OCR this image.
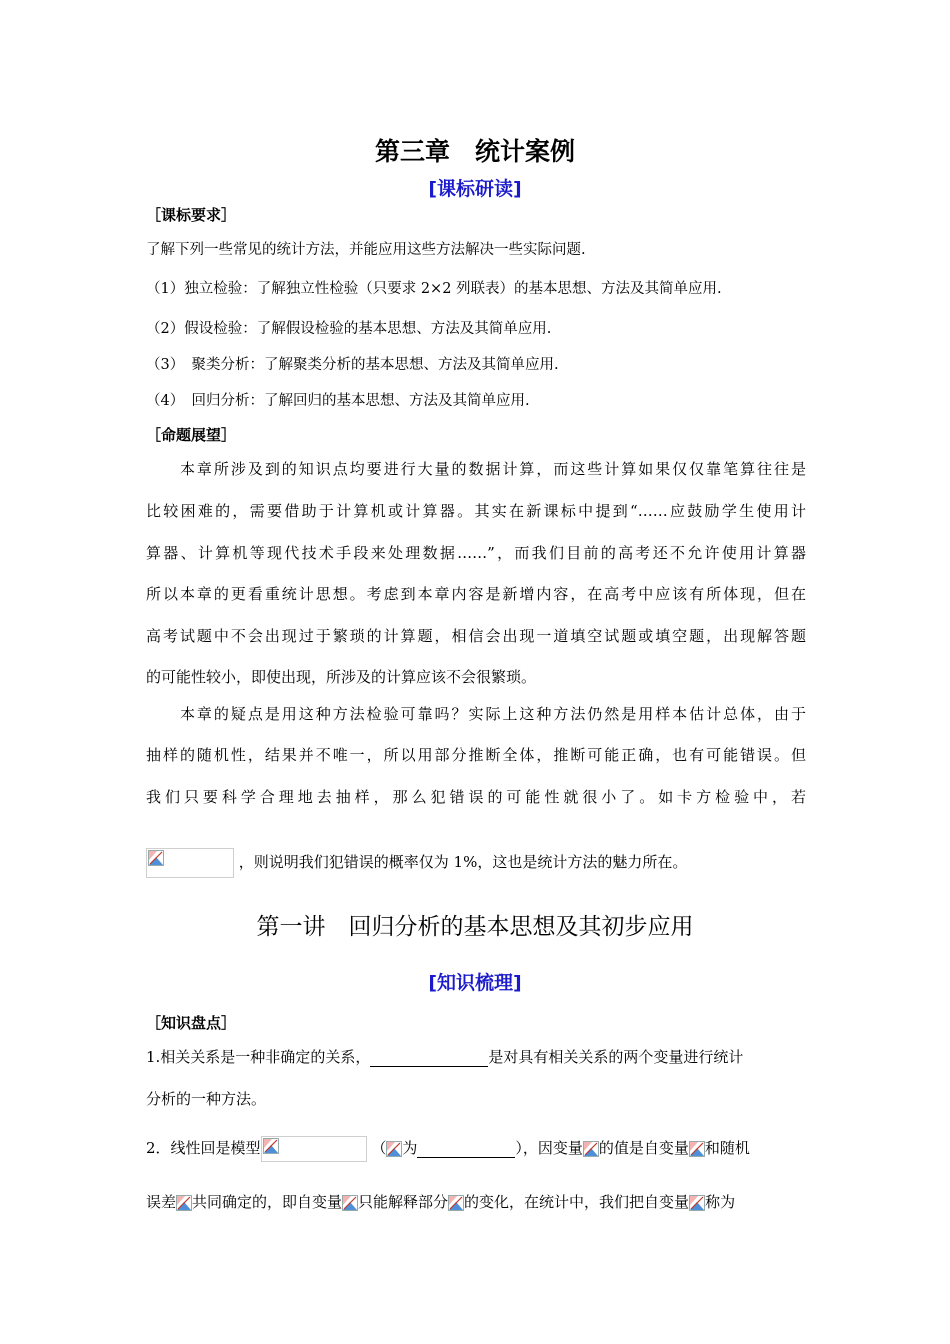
第三章　统计案例
[课标研读]
［课标要求］
了解下列一些常见的统计方法，并能应用这些方法解决一些实际问题.
（1）独立检验：了解独立性检验（只要求 2×2 列联表）的基本思想、方法及其简单应用.
（2）假设检验：了解假设检验的基本思想、方法及其简单应用.
（3）　聚类分析：了解聚类分析的基本思想、方法及其简单应用.
（4）　回归分析：了解回归的基本思想、方法及其简单应用.
［命题展望］
　　本章所涉及到的知识点均要进行大量的数据计算，而这些计算如果仅仅靠笔算往往是
比较困难的，需要借助于计算机或计算器。其实在新课标中提到“……应鼓励学生使用计
算器、计算机等现代技术手段来处理数据……”，而我们目前的高考还不允许使用计算器
所以本章的更看重统计思想。考虑到本章内容是新增内容，在高考中应该有所体现，但在
高考试题中不会出现过于繁琐的计算题，相信会出现一道填空试题或填空题，出现解答题
的可能性较小，即使出现，所涉及的计算应该不会很繁琐。
　　本章的疑点是用这种方法检验可靠吗？实际上这种方法仍然是用样本估计总体，由于
抽样的随机性，结果并不唯一，所以用部分推断全体，推断可能正确，也有可能错误。但
我们只要科学合理地去抽样，那么犯错误的可能性就很小了。如卡方检验中，若
，则说明我们犯错误的概率仅为 1%，这也是统计方法的魅力所在。
第一讲　回归分析的基本思想及其初步应用
[知识梳理]
［知识盘点］
1.相关关系是一种非确定的关系，	是对具有相关关系的两个变量进行统计
分析的一种方法。
2．线性回是模型	（ 为	），因变量 的值是自变量 和随机
误差 共同确定的，即自变量 只能解释部分 的变化，在统计中，我们把自变量 称为
